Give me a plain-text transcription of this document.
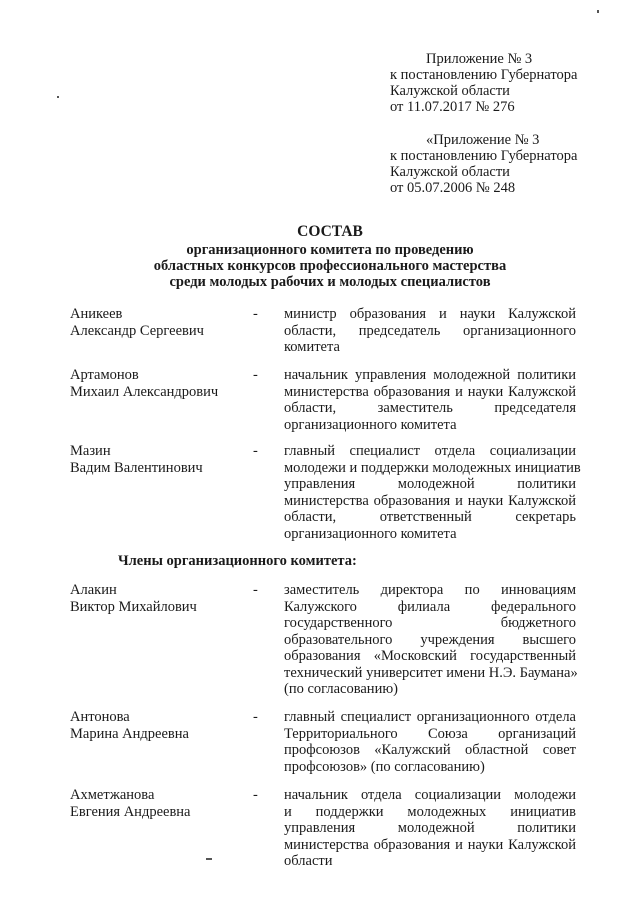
Приложение № 3
к постановлению Губернатора
Калужской области
от 11.07.2017 № 276
«Приложение № 3
к постановлению Губернатора
Калужской области
от 05.07.2006 № 248
СОСТАВ
организационного комитета по проведению
областных конкурсов профессионального мастерства
среди молодых рабочих и молодых специалистов
Аникеев
Александр Сергеевич
- министр образования и науки Калужской
области, председатель организационного
комитета
Артамонов
Михаил Александрович
- начальник управления молодежной политики
министерства образования и науки Калужской
области, заместитель председателя
организационного комитета
Мазин
Вадим Валентинович
- главный специалист отдела социализации
молодежи и поддержки молодежных инициатив
управления молодежной политики
министерства образования и науки Калужской
области, ответственный секретарь
организационного комитета
Члены организационного комитета:
Алакин
Виктор Михайлович
- заместитель директора по инновациям
Калужского филиала федерального
государственного бюджетного
образовательного учреждения высшего
образования «Московский государственный
технический университет имени Н.Э. Баумана»
(по согласованию)
Антонова
Марина Андреевна
- главный специалист организационного отдела
Территориального Союза организаций
профсоюзов «Калужский областной совет
профсоюзов» (по согласованию)
Ахметжанова
Евгения Андреевна
- начальник отдела социализации молодежи
и поддержки молодежных инициатив
управления молодежной политики
министерства образования и науки Калужской
области
